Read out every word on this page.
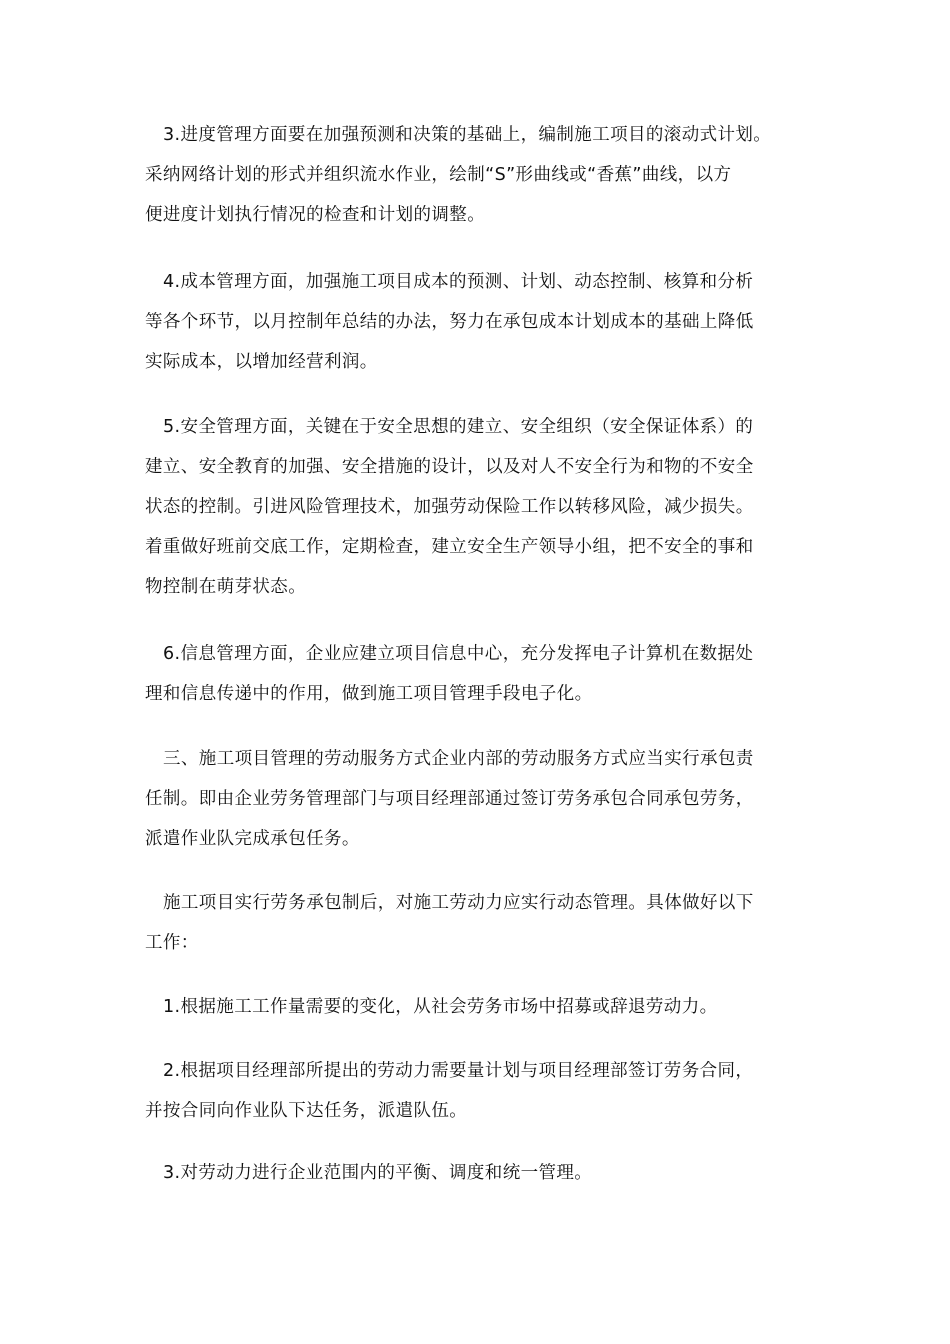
3.进度管理方面要在加强预测和决策的基础上，编制施工项目的滚动式计划。
采纳网络计划的形式并组织流水作业，绘制“S”形曲线或“香蕉”曲线，以方
便进度计划执行情况的检查和计划的调整。
4.成本管理方面，加强施工项目成本的预测、计划、动态控制、核算和分析
等各个环节，以月控制年总结的办法，努力在承包成本计划成本的基础上降低
实际成本，以增加经营利润。
5.安全管理方面，关键在于安全思想的建立、安全组织（安全保证体系）的
建立、安全教育的加强、安全措施的设计，以及对人不安全行为和物的不安全
状态的控制。引进风险管理技术，加强劳动保险工作以转移风险，减少损失。
着重做好班前交底工作，定期检查，建立安全生产领导小组，把不安全的事和
物控制在萌芽状态。
6.信息管理方面，企业应建立项目信息中心，充分发挥电子计算机在数据处
理和信息传递中的作用，做到施工项目管理手段电子化。
三、施工项目管理的劳动服务方式企业内部的劳动服务方式应当实行承包责
任制。即由企业劳务管理部门与项目经理部通过签订劳务承包合同承包劳务，
派遣作业队完成承包任务。
施工项目实行劳务承包制后，对施工劳动力应实行动态管理。具体做好以下
工作：
1.根据施工工作量需要的变化，从社会劳务市场中招募或辞退劳动力。
2.根据项目经理部所提出的劳动力需要量计划与项目经理部签订劳务合同，
并按合同向作业队下达任务，派遣队伍。
3.对劳动力进行企业范围内的平衡、调度和统一管理。
